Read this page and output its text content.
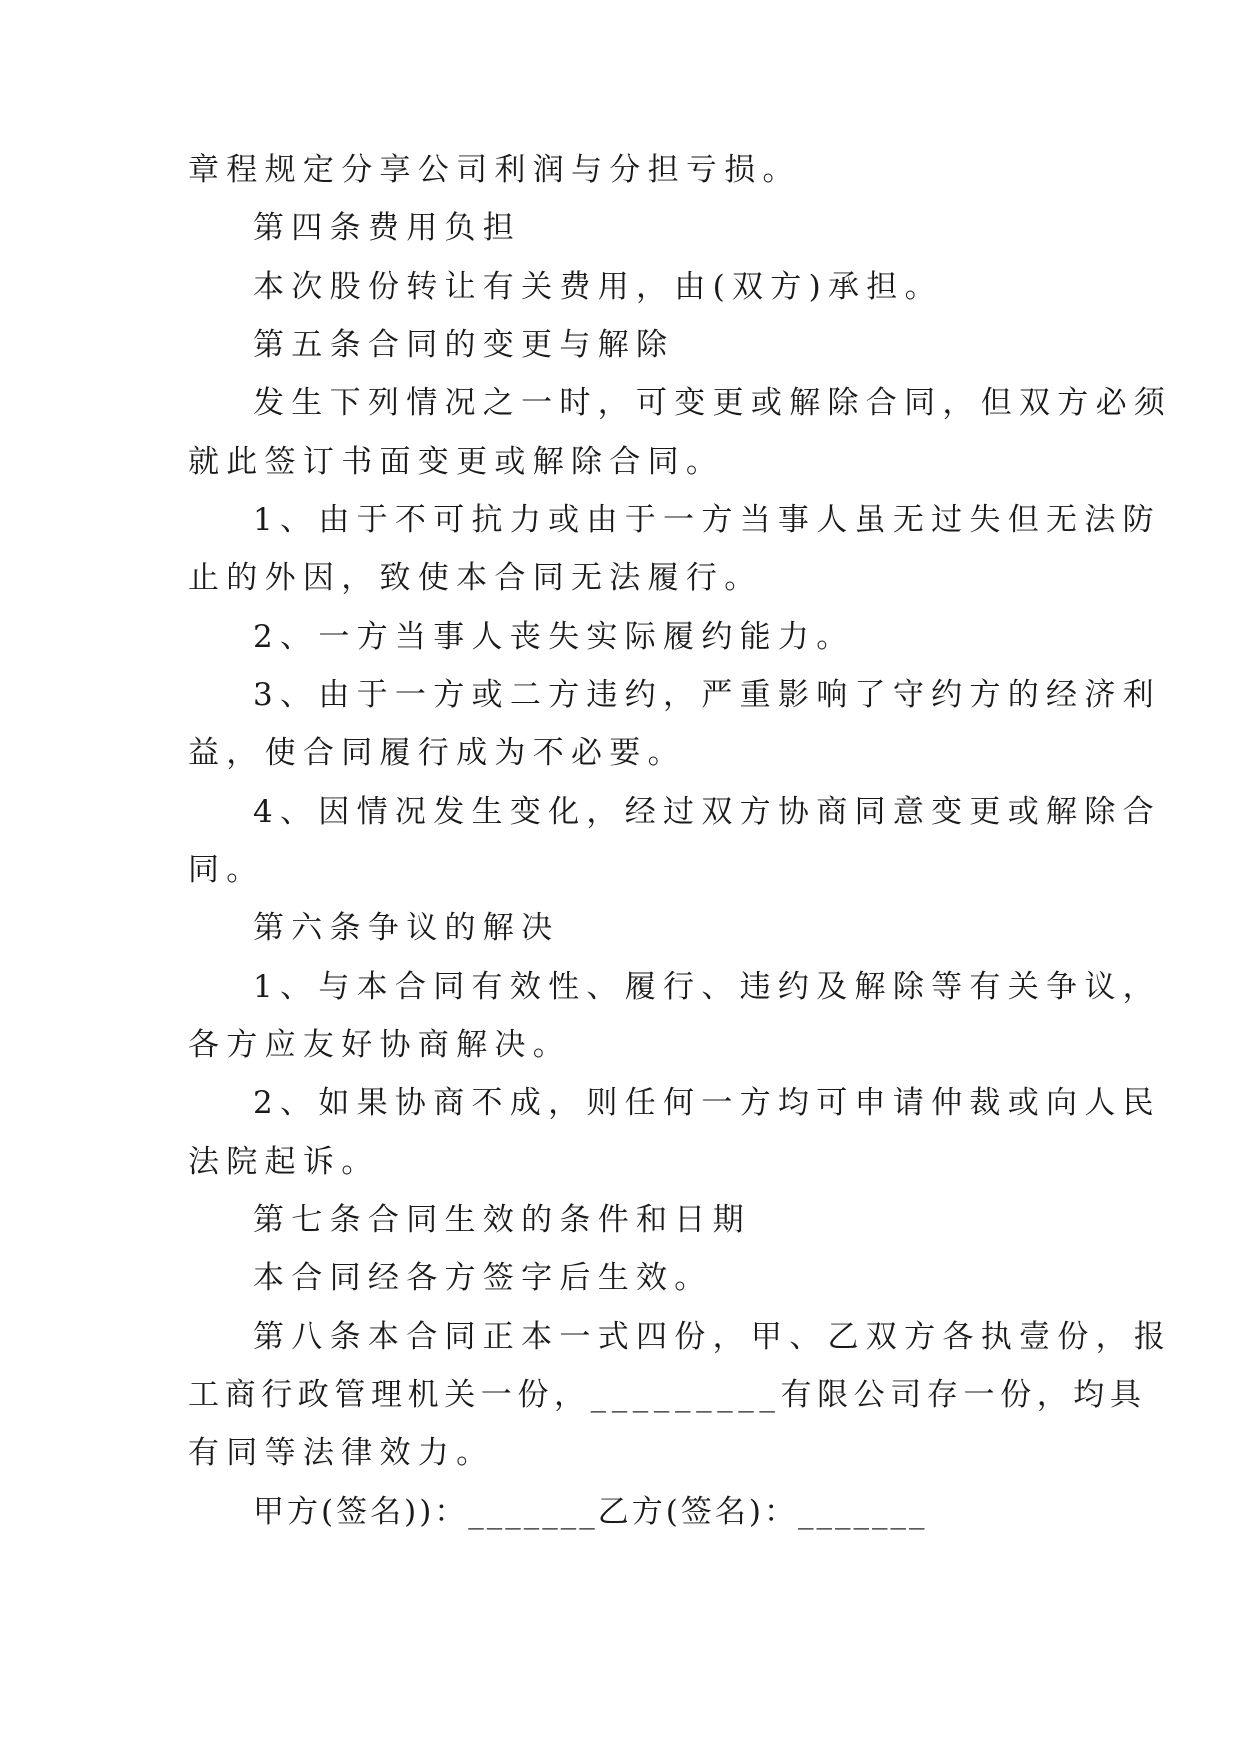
章程规定分享公司利润与分担亏损。

第四条费用负担

本次股份转让有关费用，由(双方)承担。

第五条合同的变更与解除

发生下列情况之一时，可变更或解除合同，但双方必须

就此签订书面变更或解除合同。

1、由于不可抗力或由于一方当事人虽无过失但无法防

止的外因，致使本合同无法履行。

2、一方当事人丧失实际履约能力。

3、由于一方或二方违约，严重影响了守约方的经济利

益，使合同履行成为不必要。

4、因情况发生变化，经过双方协商同意变更或解除合

同。

第六条争议的解决

1、与本合同有效性、履行、违约及解除等有关争议，

各方应友好协商解决。

2、如果协商不成，则任何一方均可申请仲裁或向人民

法院起诉。

第七条合同生效的条件和日期

本合同经各方签字后生效。

第八条本合同正本一式四份，甲、乙双方各执壹份，报

工商行政管理机关一份，_________有限公司存一份，均具

有同等法律效力。

甲方(签名))：_______乙方(签名)：_______
